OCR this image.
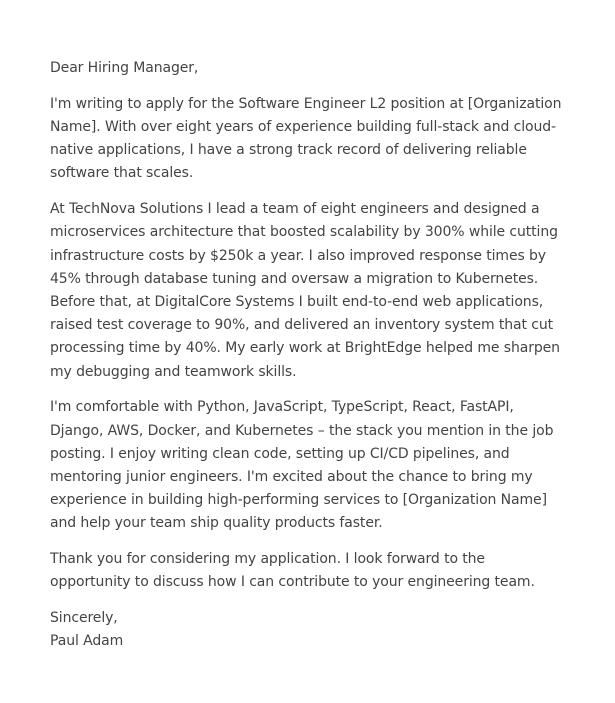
Dear Hiring Manager,

I'm writing to apply for the Software Engineer L2 position at [Organization Name]. With over eight years of experience building full-stack and cloud-native applications, I have a strong track record of delivering reliable software that scales.

At TechNova Solutions I lead a team of eight engineers and designed a microservices architecture that boosted scalability by 300% while cutting infrastructure costs by $250k a year. I also improved response times by 45% through database tuning and oversaw a migration to Kubernetes. Before that, at DigitalCore Systems I built end-to-end web applications, raised test coverage to 90%, and delivered an inventory system that cut processing time by 40%. My early work at BrightEdge helped me sharpen my debugging and teamwork skills.

I'm comfortable with Python, JavaScript, TypeScript, React, FastAPI, Django, AWS, Docker, and Kubernetes – the stack you mention in the job posting. I enjoy writing clean code, setting up CI/CD pipelines, and mentoring junior engineers. I'm excited about the chance to bring my experience in building high-performing services to [Organization Name] and help your team ship quality products faster.

Thank you for considering my application. I look forward to the opportunity to discuss how I can contribute to your engineering team.

Sincerely,

Paul Adam
